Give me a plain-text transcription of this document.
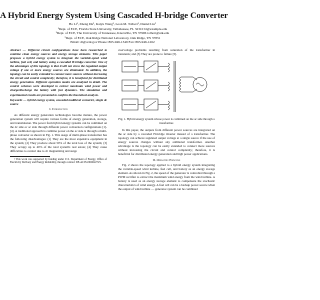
A Hybrid Energy System Using Cascaded H-bridge Converter
Bo Li¹, Zheng Du¹, Kaiyu Wang¹, Leon M. Tolbert¹, Daniel Liu²
¹Dept. of ECE, Florida State University, Tallahassee, FL 32310 bl@example.edu
¹Dept. of ECE, The University of Tennessee, Knoxville, TN 37996 tolbert@utk.edu
²Dept. of ECE, Oak Ridge National Laboratory, Oak Ridge, TN 37831
Email: dl@ornl.gov Phone: 865-946-1349 Fax: 865-946-1262

Abstract — Different circuit configurations have been researched to combine clean energy sources and energy storage elements. This paper proposes a hybrid energy system to integrate the variable-speed wind turbine, fuel cell, and battery using a cascaded H-bridge converter. One of the advantages of this topology is that it will not stress the regulated output voltage if one or more energy sources are eliminated. In addition, the topology can be easily extended to connect more sources without increasing the circuit and control complexity; therefore, it is beneficial for distributed energy generation. Different operation modes are analyzed in detail. The control schemes were developed to extract maximum wind power and charge/discharge the battery with fast dynamics. The simulation and experimental results are presented to confirm the theoretical analysis.

Keywords — hybrid energy system, cascaded multilevel converter, single dc source

I. Introduction

As different energy generation technologies become mature, the power generation system will require various forms of energy generation, storage, and transmission. The power from hybrid energy systems can be combined on the dc side or ac side through different power conversion configurations [1]-[4]. A traditional approach is combine power on the ac side is through a multi-phase converter as shown in Fig. 1. This usage of multi-phase transformer has the following disadvantages: (1) They are the most expensive equipment in the system; (2) They produce about 50% of the total loss of the system; (3) They occupy up to 40% of the total system's real estate; (4) They cause difficulties to control due to dc magnetizing and surge

¹ This work was supported by funding under U.S. Department of Energy, Office of Electricity Delivery and Energy Reliability, through contract DE-AC05-00OR22725.

overvoltage problems resulting from saturation of the transformer in transients; and (5) They are prone to failure [5].

Fig. 1. Hybrid energy system whose power is combined on the ac side through a transformer.

In this paper, the outputs from different power sources are integrated on the ac side by a cascaded H-bridge inverter instead of a transformer. The topology can achieve regulated output voltage at a single source if the use of energy sources changes without any additional transformer. Another advantage is the topology can be easily extended to connect more sources without increasing the circuit and control complexity; therefore, it is beneficial for distributed energy generation and high power applications.

II. Operating Principle

Fig. 2 shows the topology applied to a hybrid energy system integrating the variable-speed wind turbine, fuel cell, and battery as an energy storage element. As shown in Fig. 2, the speed of the generator is controlled through a PWM rectifier to extract the maximum wind energy from the wind turbine. A battery is used as an energy storage element to compensate the stochastic characteristics of wind energy. A fuel cell can be a backup power source when the output of wind turbine — generator system can be combined
